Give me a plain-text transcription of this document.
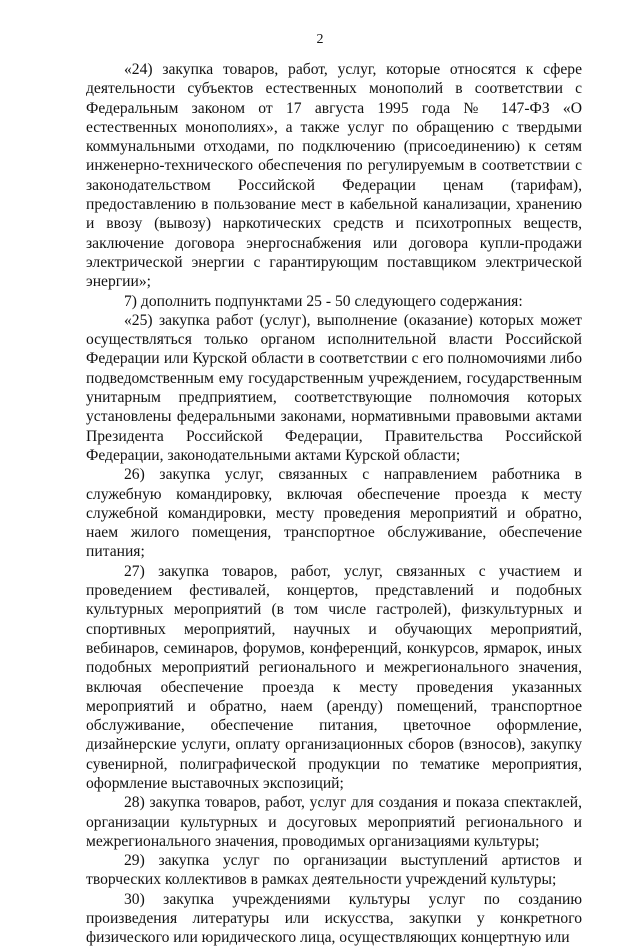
2

«24) закупка товаров, работ, услуг, которые относятся к сфере деятельности субъектов естественных монополий в соответствии с Федеральным законом от 17 августа 1995 года № 147-ФЗ «О естественных монополиях», а также услуг по обращению с твердыми коммунальными отходами, по подключению (присоединению) к сетям инженерно-технического обеспечения по регулируемым в соответствии с законодательством Российской Федерации ценам (тарифам), предоставлению в пользование мест в кабельной канализации, хранению и ввозу (вывозу) наркотических средств и психотропных веществ, заключение договора энергоснабжения или договора купли-продажи электрической энергии с гарантирующим поставщиком электрической энергии»;

7) дополнить подпунктами 25 - 50 следующего содержания:

«25) закупка работ (услуг), выполнение (оказание) которых может осуществляться только органом исполнительной власти Российской Федерации или Курской области в соответствии с его полномочиями либо подведомственным ему государственным учреждением, государственным унитарным предприятием, соответствующие полномочия которых установлены федеральными законами, нормативными правовыми актами Президента Российской Федерации, Правительства Российской Федерации, законодательными актами Курской области;

26) закупка услуг, связанных с направлением работника в служебную командировку, включая обеспечение проезда к месту служебной командировки, месту проведения мероприятий и обратно, наем жилого помещения, транспортное обслуживание, обеспечение питания;

27) закупка товаров, работ, услуг, связанных с участием и проведением фестивалей, концертов, представлений и подобных культурных мероприятий (в том числе гастролей), физкультурных и спортивных мероприятий, научных и обучающих мероприятий, вебинаров, семинаров, форумов, конференций, конкурсов, ярмарок, иных подобных мероприятий регионального и межрегионального значения, включая обеспечение проезда к месту проведения указанных мероприятий и обратно, наем (аренду) помещений, транспортное обслуживание, обеспечение питания, цветочное оформление, дизайнерские услуги, оплату организационных сборов (взносов), закупку сувенирной, полиграфической продукции по тематике мероприятия, оформление выставочных экспозиций;

28) закупка товаров, работ, услуг для создания и показа спектаклей, организации культурных и досуговых мероприятий регионального и межрегионального значения, проводимых организациями культуры;

29) закупка услуг по организации выступлений артистов и творческих коллективов в рамках деятельности учреждений культуры;

30) закупка учреждениями культуры услуг по созданию произведения литературы или искусства, закупки у конкретного физического или юридического лица, осуществляющих концертную или
